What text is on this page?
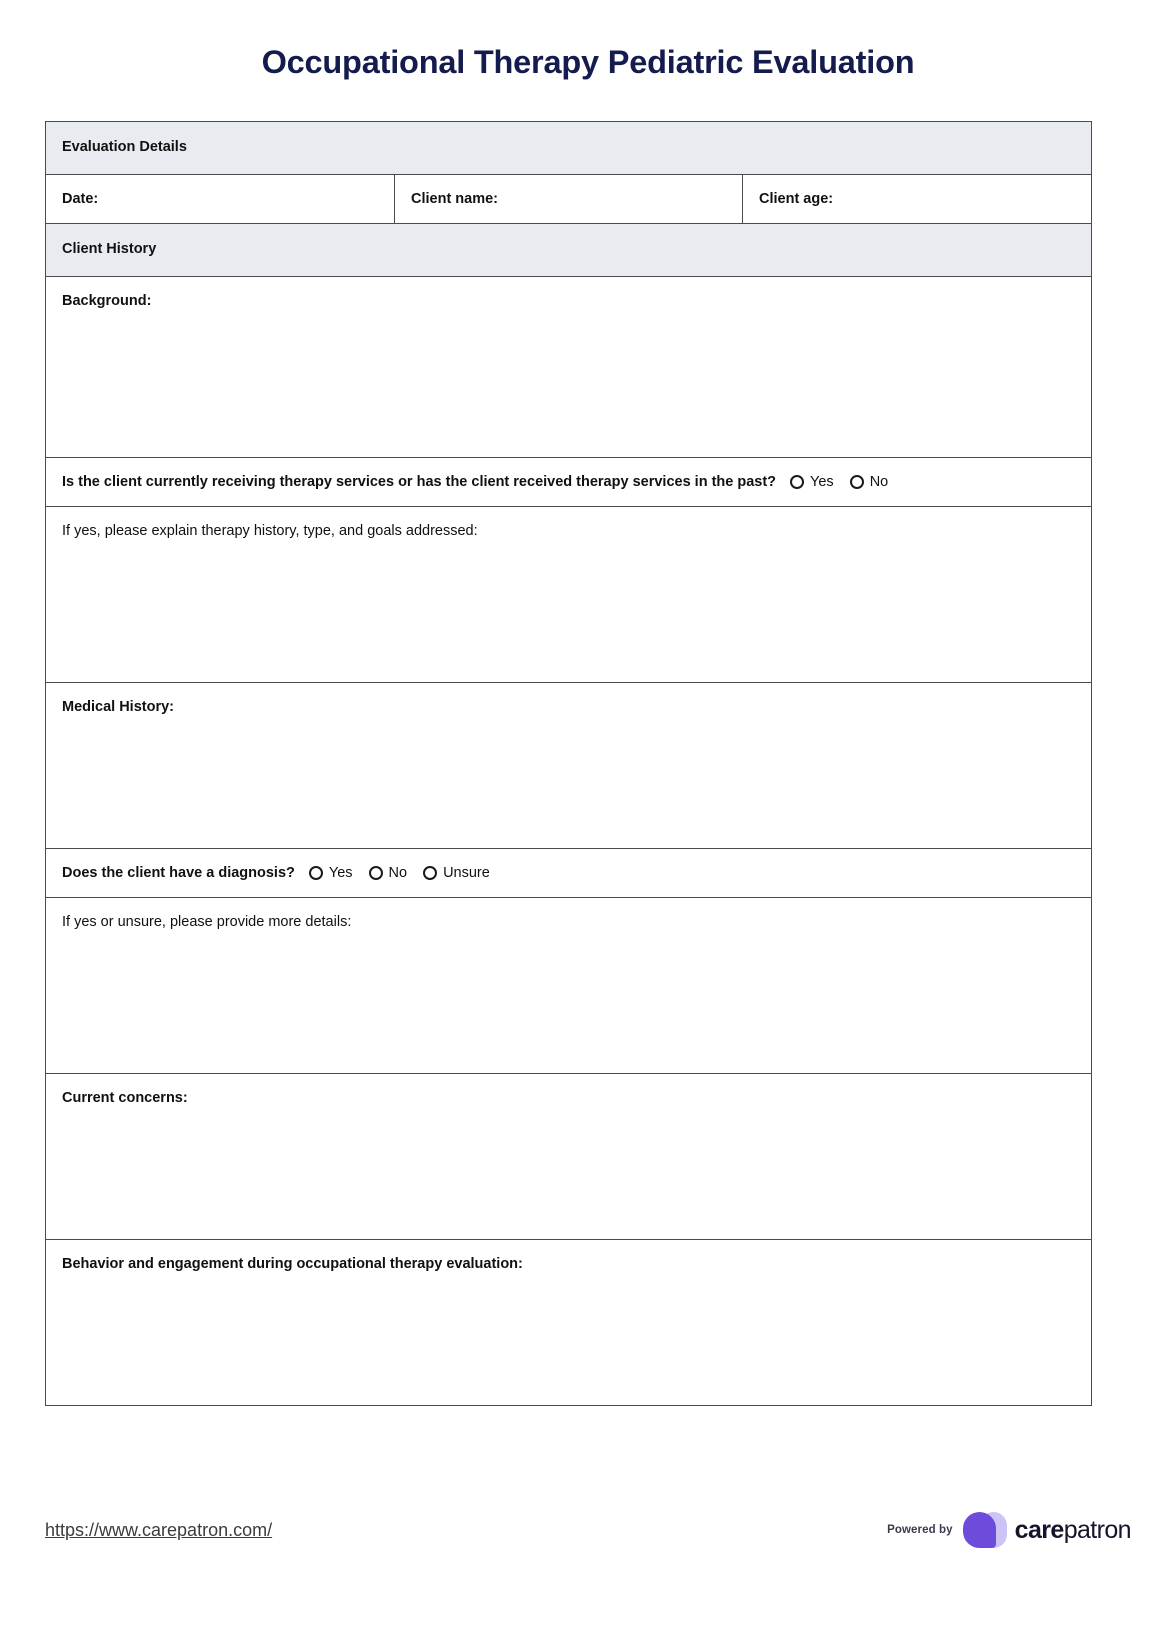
Occupational Therapy Pediatric Evaluation
Evaluation Details

Date:	Client name:	Client age:

Client History

Background:

Is the client currently receiving therapy services or has the client received therapy services in the past? Yes No

If yes, please explain therapy history, type, and goals addressed:

Medical History:

Does the client have a diagnosis? Yes No Unsure

If yes or unsure, please provide more details:

Current concerns:

Behavior and engagement during occupational therapy evaluation:
https://www.carepatron.com/	Powered by carepatron
